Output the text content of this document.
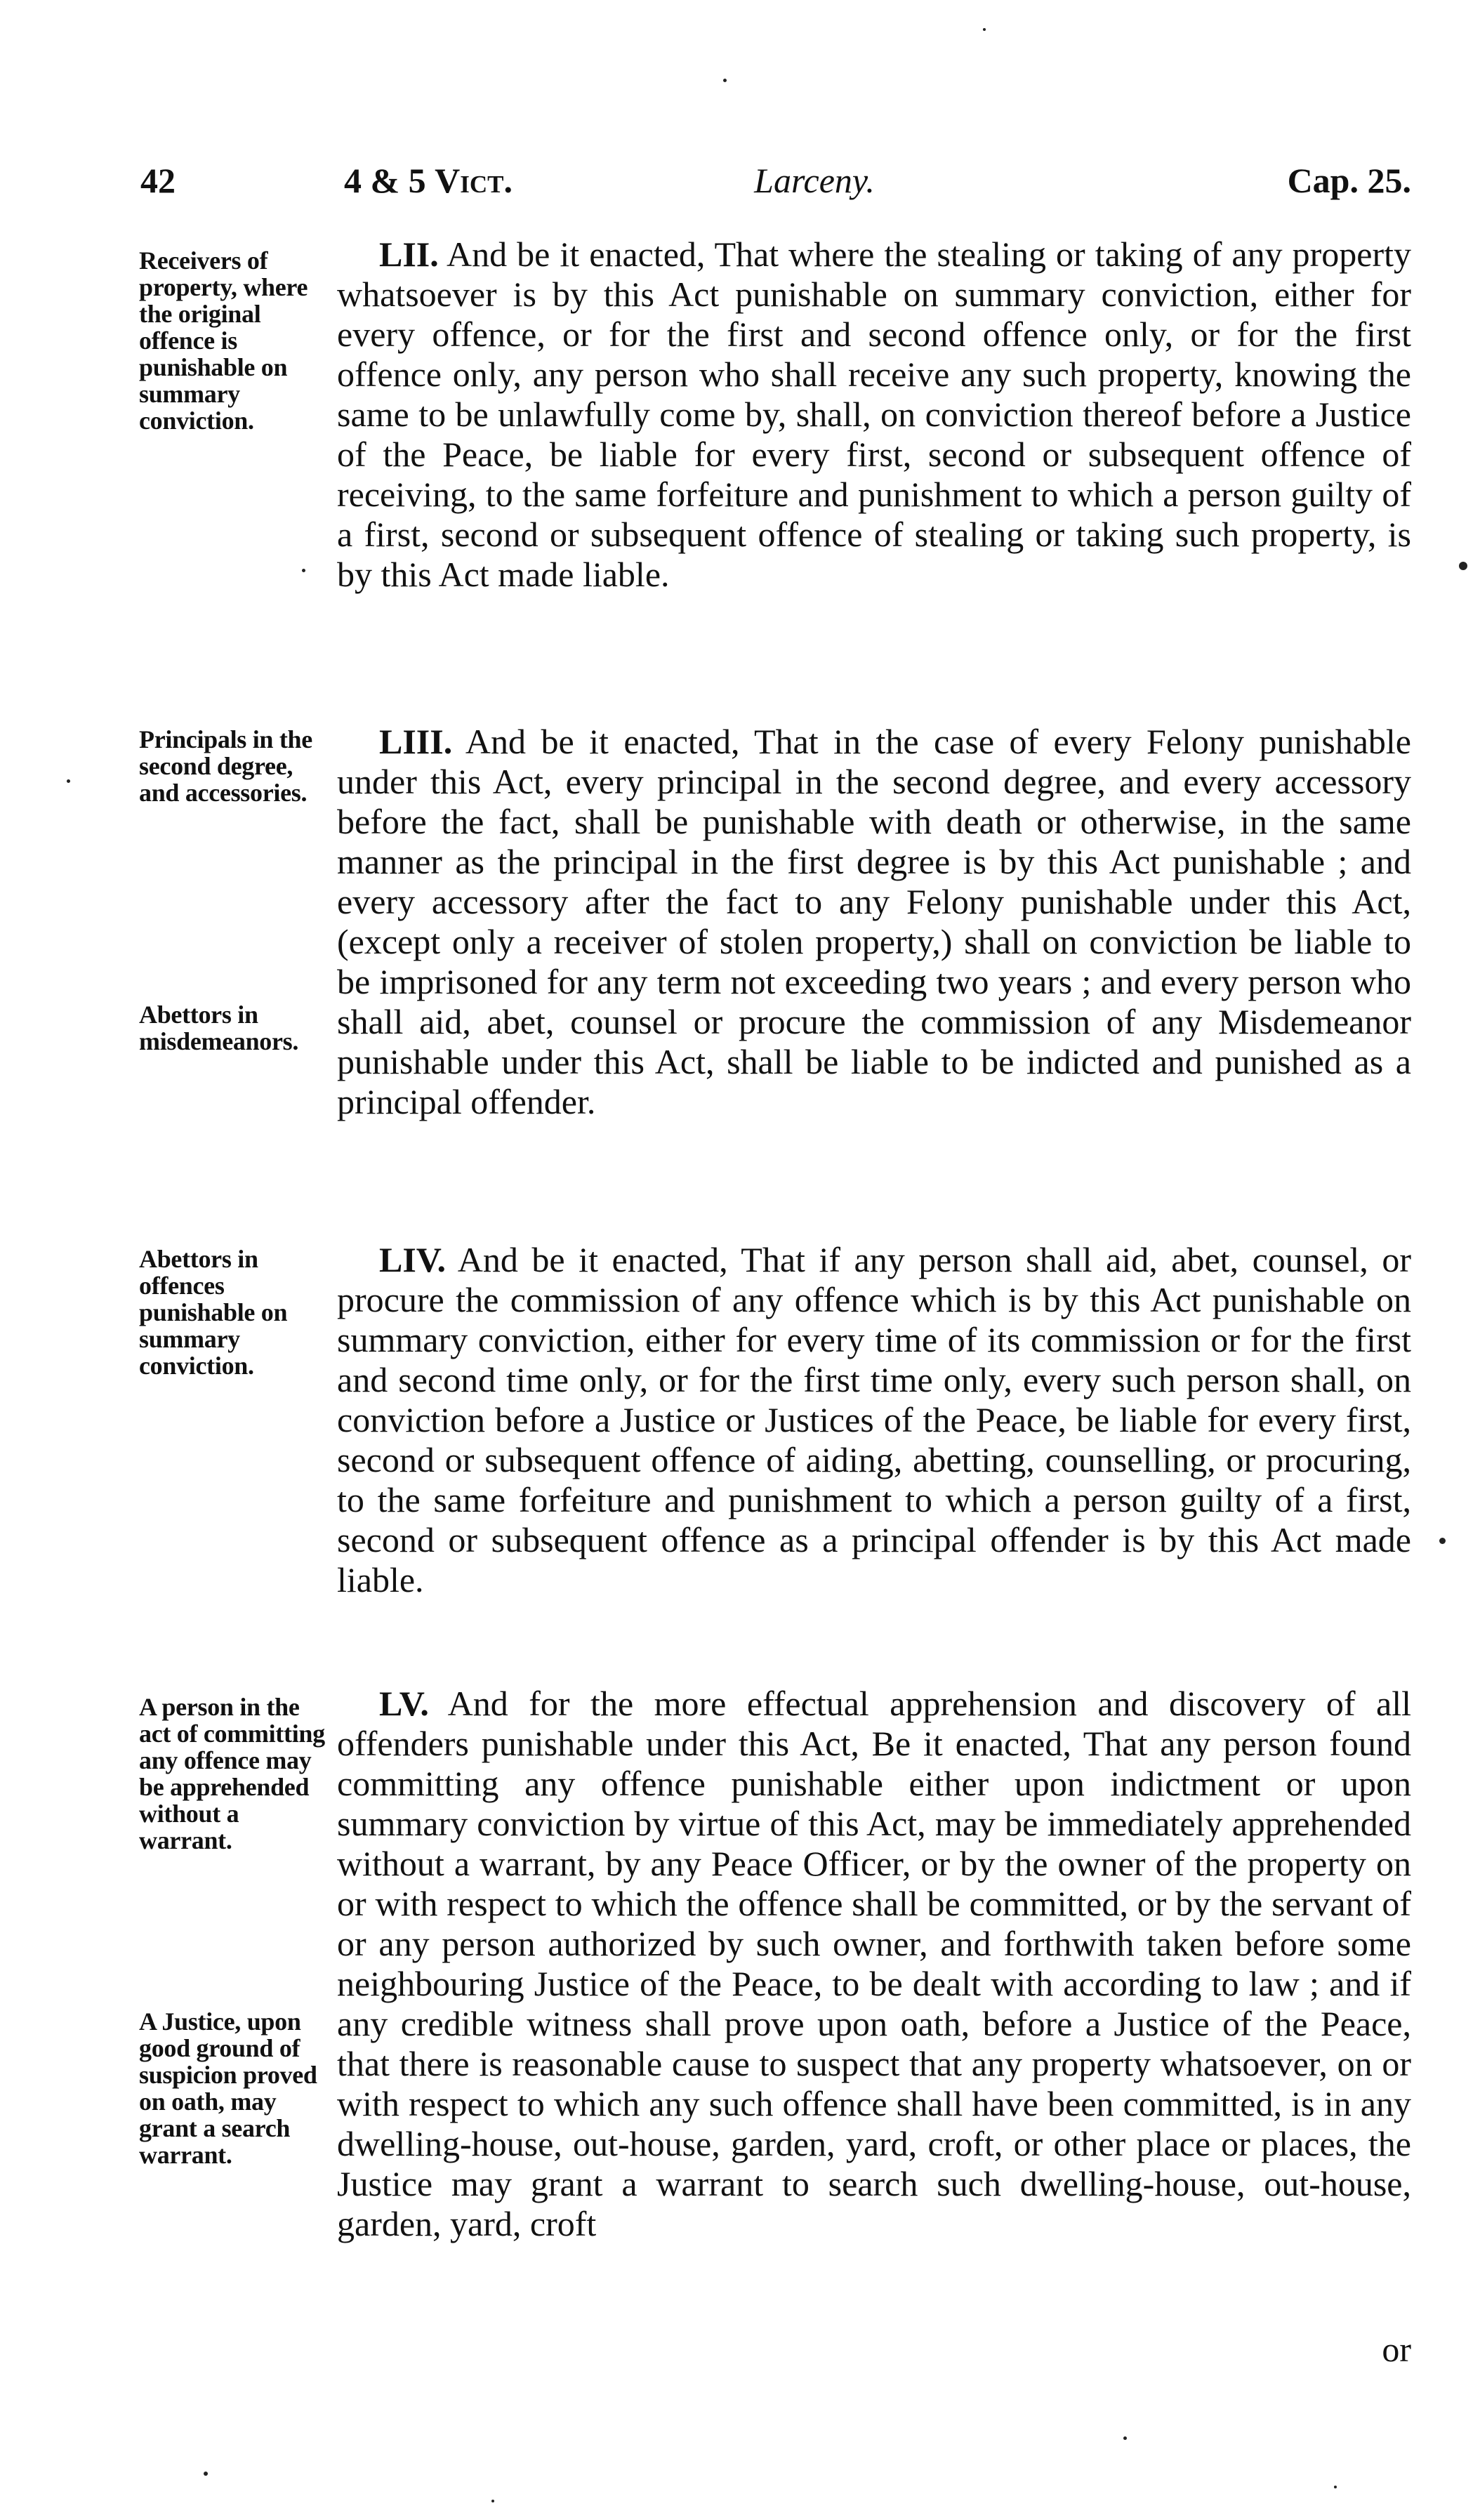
42	4 & 5 Vict.	Larceny.	Cap. 25.
Receivers of property, where the original offence is punishable on summary conviction.
LII. And be it enacted, That where the stealing or taking of any property whatsoever is by this Act punishable on summary conviction, either for every offence, or for the first and second offence only, or for the first offence only, any person who shall receive any such property, knowing the same to be unlawfully come by, shall, on conviction thereof before a Justice of the Peace, be liable for every first, second or subsequent offence of receiving, to the same forfeiture and punishment to which a person guilty of a first, second or subsequent offence of stealing or taking such property, is by this Act made liable.
Principals in the second degree, and accessories.
Abettors in misdemeanors.
LIII. And be it enacted, That in the case of every Felony punishable under this Act, every principal in the second degree, and every accessory before the fact, shall be punishable with death or otherwise, in the same manner as the principal in the first degree is by this Act punishable ; and every accessory after the fact to any Felony punishable under this Act, (except only a receiver of stolen property,) shall on conviction be liable to be imprisoned for any term not exceeding two years ; and every person who shall aid, abet, counsel or procure the commission of any Misdemeanor punishable under this Act, shall be liable to be indicted and punished as a principal offender.
Abettors in offences punishable on summary conviction.
LIV. And be it enacted, That if any person shall aid, abet, counsel, or procure the commission of any offence which is by this Act punishable on summary conviction, either for every time of its commission or for the first and second time only, or for the first time only, every such person shall, on conviction before a Justice or Justices of the Peace, be liable for every first, second or subsequent offence of aiding, abetting, counselling, or procuring, to the same forfeiture and punishment to which a person guilty of a first, second or subsequent offence as a principal offender is by this Act made liable.
A person in the act of committing any offence may be apprehended without a warrant.
A Justice, upon good ground of suspicion proved on oath, may grant a search warrant.
LV. And for the more effectual apprehension and discovery of all offenders punishable under this Act, Be it enacted, That any person found committing any offence punishable either upon indictment or upon summary conviction by virtue of this Act, may be immediately apprehended without a warrant, by any Peace Officer, or by the owner of the property on or with respect to which the offence shall be committed, or by the servant of or any person authorized by such owner, and forthwith taken before some neighbouring Justice of the Peace, to be dealt with according to law ; and if any credible witness shall prove upon oath, before a Justice of the Peace, that there is reasonable cause to suspect that any property whatsoever, on or with respect to which any such offence shall have been committed, is in any dwelling-house, out-house, garden, yard, croft, or other place or places, the Justice may grant a warrant to search such dwelling-house, out-house, garden, yard, croft
or
